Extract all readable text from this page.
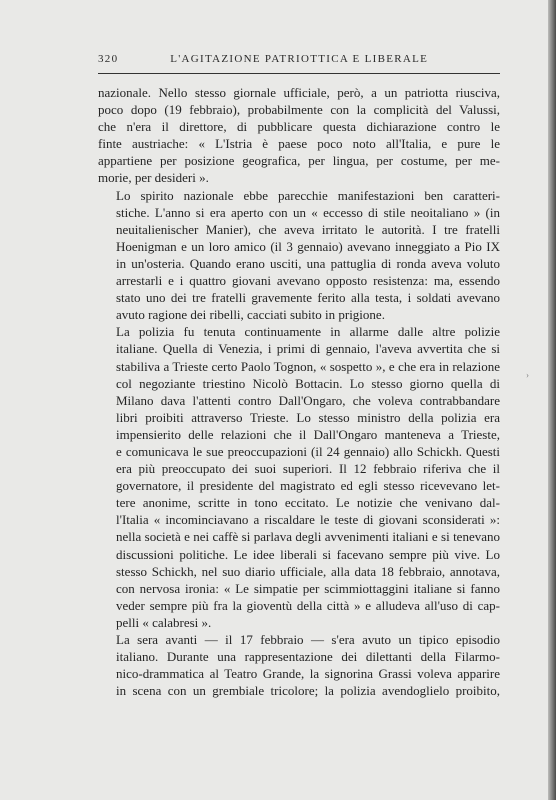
320	L'AGITAZIONE PATRIOTTICA E LIBERALE

nazionale. Nello stesso giornale ufficiale, però, a un patriotta riusciva,
poco dopo (19 febbraio), probabilmente con la complicità del Valussi,
che n'era il direttore, di pubblicare questa dichiarazione contro le
finte austriache: « L'Istria è paese poco noto all'Italia, e pure le
appartiene per posizione geografica, per lingua, per costume, per me-
morie, per desideri ».

Lo spirito nazionale ebbe parecchie manifestazioni ben caratteri-
stiche. L'anno si era aperto con un « eccesso di stile neoitaliano » (in
neuitalienischer Manier), che aveva irritato le autorità. I tre fratelli
Hoenigman e un loro amico (il 3 gennaio) avevano inneggiato a Pio IX
in un'osteria. Quando erano usciti, una pattuglia di ronda aveva voluto
arrestarli e i quattro giovani avevano opposto resistenza: ma, essendo
stato uno dei tre fratelli gravemente ferito alla testa, i soldati avevano
avuto ragione dei ribelli, cacciati subito in prigione.

La polizia fu tenuta continuamente in allarme dalle altre polizie
italiane. Quella di Venezia, i primi di gennaio, l'aveva avvertita che si
stabiliva a Trieste certo Paolo Tognon, « sospetto », e che era in relazione
col negoziante triestino Nicolò Bottacin. Lo stesso giorno quella di
Milano dava l'attenti contro Dall'Ongaro, che voleva contrabbandare
libri proibiti attraverso Trieste. Lo stesso ministro della polizia era
impensierito delle relazioni che il Dall'Ongaro manteneva a Trieste,
e comunicava le sue preoccupazioni (il 24 gennaio) allo Schickh. Questi
era più preoccupato dei suoi superiori. Il 12 febbraio riferiva che il
governatore, il presidente del magistrato ed egli stesso ricevevano let-
tere anonime, scritte in tono eccitato. Le notizie che venivano dal-
l'Italia « incominciavano a riscaldare le teste di giovani sconsiderati »:
nella società e nei caffè si parlava degli avvenimenti italiani e si tenevano
discussioni politiche. Le idee liberali si facevano sempre più vive. Lo
stesso Schickh, nel suo diario ufficiale, alla data 18 febbraio, annotava,
con nervosa ironia: « Le simpatie per scimmiottaggini italiane si fanno
veder sempre più fra la gioventù della città » e alludeva all'uso di cap-
pelli « calabresi ».

La sera avanti — il 17 febbraio — s'era avuto un tipico episodio
italiano. Durante una rappresentazione dei dilettanti della Filarmo-
nico-drammatica al Teatro Grande, la signorina Grassi voleva apparire
in scena con un grembiale tricolore; la polizia avendoglielo proibito,

›
